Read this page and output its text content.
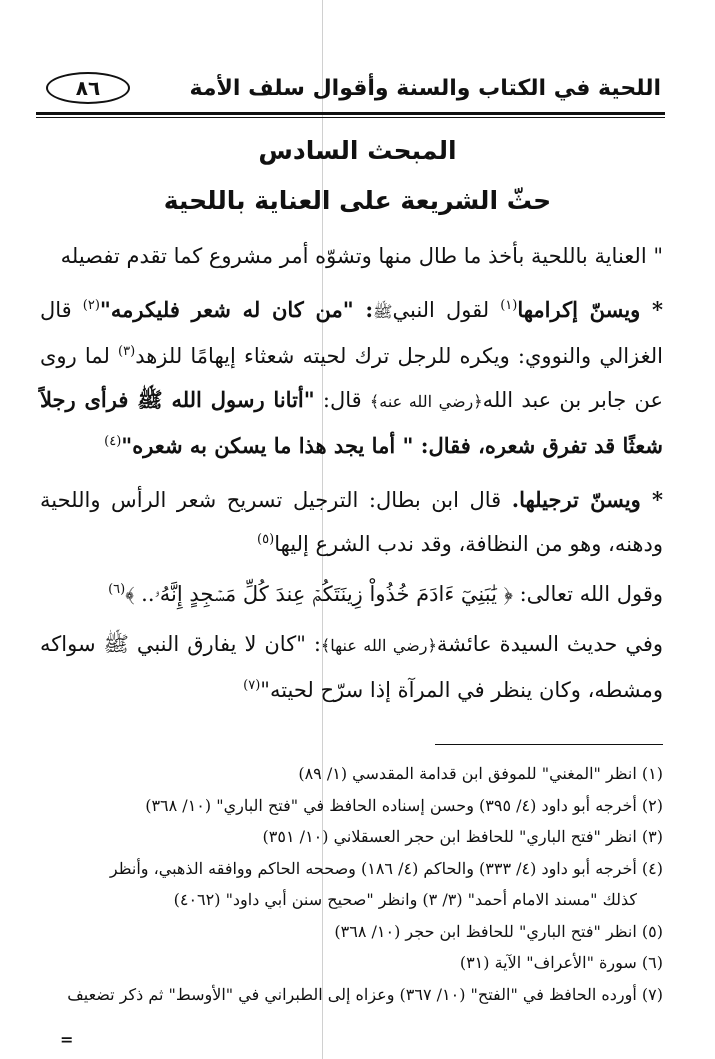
اللحية في الكتاب والسنة وأقوال سلف الأمة
٨٦
المبحث السادس
حثّ الشريعة على العناية باللحية

" العناية باللحية بأخذ ما طال منها وتشوّه أمر مشروع كما تقدم تفصيله

* ويسنّ إكرامها$^{(١)}$ لقول النبيﷺ: "من كان له شعر فليكرمه"$^{(٢)}$ قال الغزالي والنووي: ويكره للرجل ترك لحيته شعثاء إيهامًا للزهد$^{(٣)}$ لما روى عن جابر بن عبد الله﴿رضي الله عنه﴾ قال: "أتانا رسول الله ﷺ فرأى رجلاً شعثًا قد تفرق شعره، فقال: " أما يجد هذا ما يسكن به شعره"$^{(٤)}$

* ويسنّ ترجيلها. قال ابن بطال: الترجيل تسريح شعر الرأس واللحية ودهنه، وهو من النظافة، وقد ندب الشرع إليها$^{(٥)}$

وقول الله تعالى: ﴿ يَٰبَنِيٓ ءَادَمَ خُذُواْ زِينَتَكُمۡ عِندَ كُلِّ مَسۡجِدٍ إِنَّهُۥ.. ﴾$^{(٦)}$

وفي حديث السيدة عائشة﴿رضي الله عنها﴾: "كان لا يفارق النبي ﷺ سواكه ومشطه، وكان ينظر في المرآة إذا سرّح لحيته"$^{(٧)}$

(١) انظر "المغني" للموفق ابن قدامة المقدسي (١/ ٨٩)

(٢) أخرجه أبو داود (٤/ ٣٩٥) وحسن إسناده الحافظ في "فتح الباري" (١٠/ ٣٦٨)

(٣) انظر "فتح الباري" للحافظ ابن حجر العسقلاني (١٠/ ٣٥١)

(٤) أخرجه أبو داود (٤/ ٣٣٣) والحاكم (٤/ ١٨٦) وصححه الحاكم ووافقه الذهبي، وأنظر

كذلك "مسند الامام أحمد" (٣/ ٣) وانظر "صحيح سنن أبي داود" (٤٠٦٢)

(٥) انظر "فتح الباري" للحافظ ابن حجر (١٠/ ٣٦٨)

(٦) سورة "الأعراف" الآية (٣١)

(٧) أورده الحافظ في "الفتح" (١٠/ ٣٦٧) وعزاه إلى الطبراني في "الأوسط" ثم ذكر تضعيف

=
